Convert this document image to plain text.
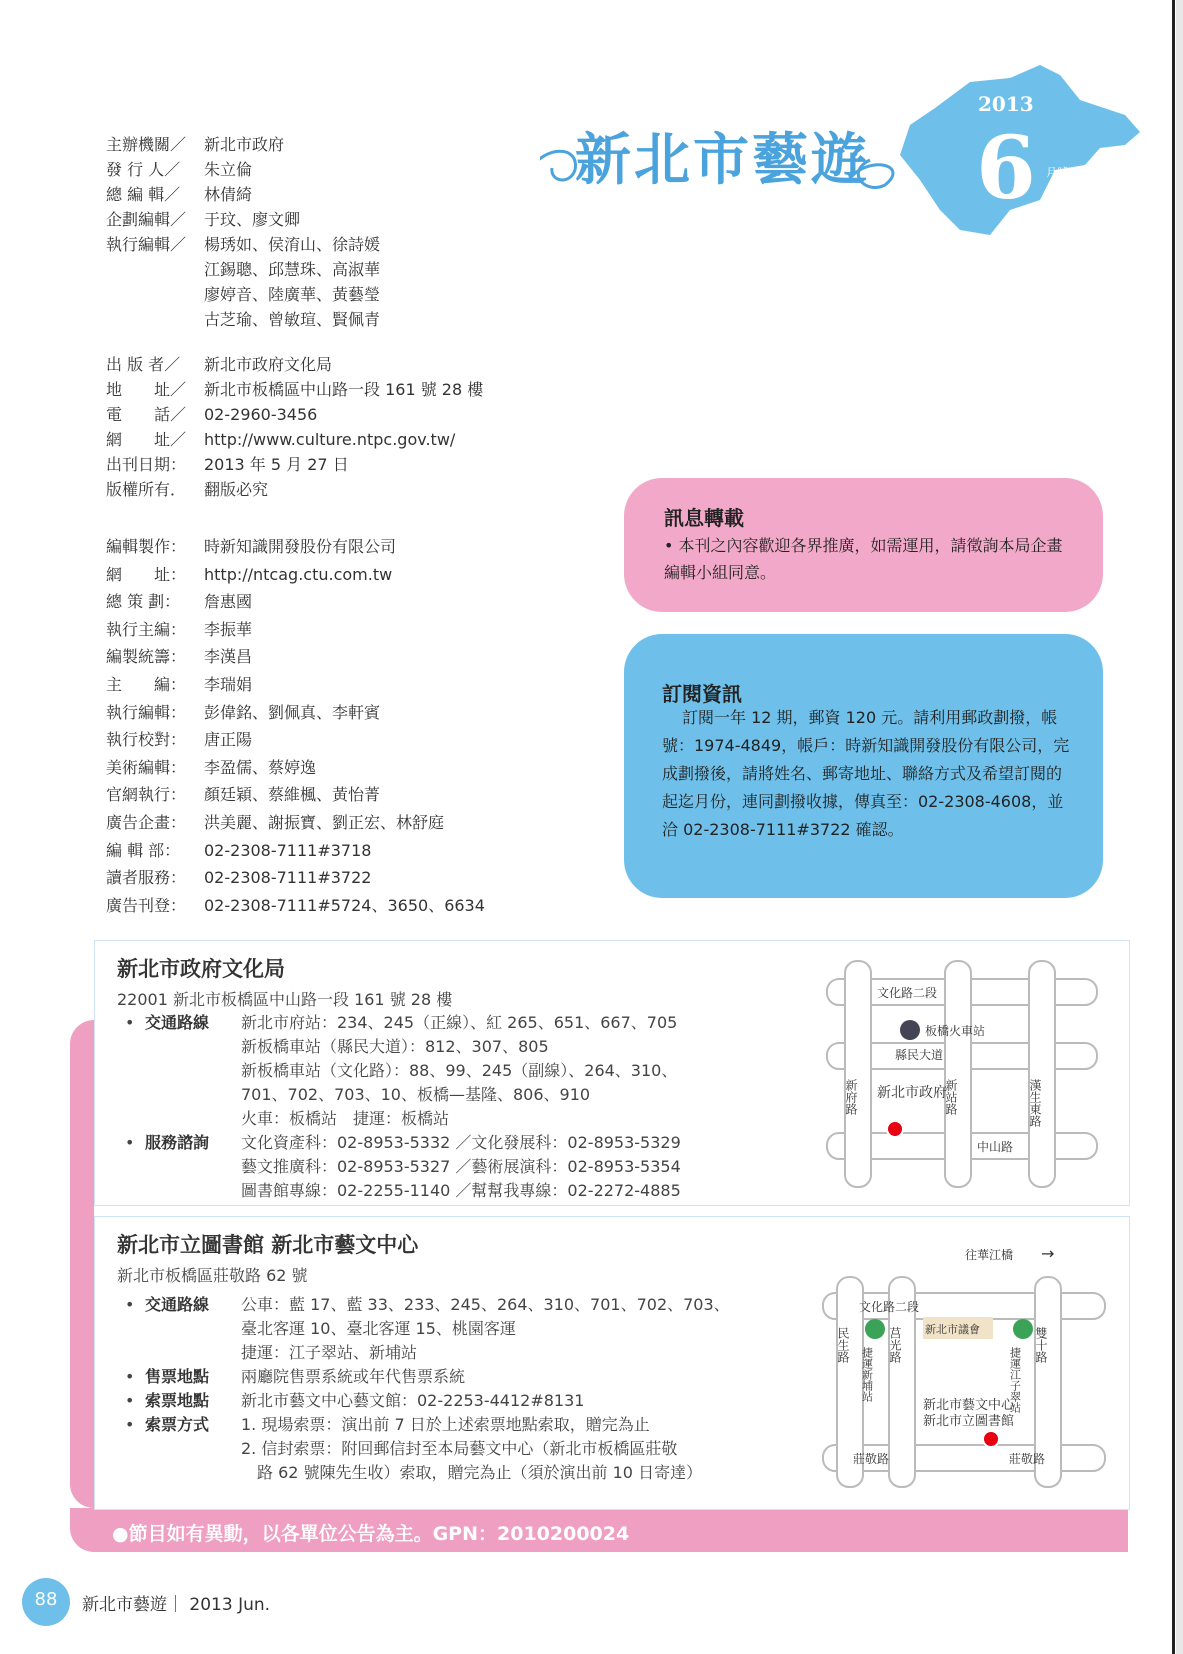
新北市藝遊
2013
6 月號
主辦機關／	新北市政府
發 行 人／	朱立倫
總 編 輯／	林倩綺
企劃編輯／	于玟、廖文卿
執行編輯／	楊琇如、侯淯山、徐詩媛
江錫聰、邱慧珠、高淑華
廖婷音、陸廣華、黃藝瑩
古芝瑜、曾敏瑄、賢佩青
出 版 者／	新北市政府文化局
地　　址／	新北市板橋區中山路一段 161 號 28 樓
電　　話／	02-2960-3456
網　　址／	http://www.culture.ntpc.gov.tw/
出刊日期：	2013 年 5 月 27 日
版權所有．	翻版必究
編輯製作：	時新知識開發股份有限公司
網　　址：	http://ntcag.ctu.com.tw
總 策 劃：	詹惠國
執行主編：	李振華
編製統籌：	李漢昌
主　　編：	李瑞娟
執行編輯：	彭偉銘、劉佩真、李軒賓
執行校對：	唐正陽
美術編輯：	李盈儒、蔡婷逸
官網執行：	顏廷穎、蔡維楓、黃怡菁
廣告企畫：	洪美麗、謝振寶、劉正宏、林舒庭
編 輯 部：	02-2308-7111#3718
讀者服務：	02-2308-7111#3722
廣告刊登：	02-2308-7111#5724、3650、6634
訊息轉載
• 本刊之內容歡迎各界推廣，如需運用，請徵詢本局企畫編輯小組同意。
訂閱資訊
訂閱一年 12 期，郵資 120 元。請利用郵政劃撥，帳號：1974-4849，帳戶：時新知識開發股份有限公司，完成劃撥後，請將姓名、郵寄地址、聯絡方式及希望訂閱的起迄月份，連同劃撥收據，傳真至：02-2308-4608，並洽 02-2308-7111#3722 確認。
●節目如有異動，以各單位公告為主。GPN：2010200024
新北市政府文化局
22001 新北市板橋區中山路一段 161 號 28 樓
• 交通路線	新北市府站：234、245（正線）、紅 265、651、667、705
新板橋車站（縣民大道）：812、307、805
新板橋車站（文化路）：88、99、245（副線）、264、310、
701、702、703、10、板橋—基隆、806、910
火車：板橋站　捷運：板橋站
• 服務諮詢	文化資產科：02-8953-5332 ／文化發展科：02-8953-5329
藝文推廣科：02-8953-5327 ／藝術展演科：02-8953-5354
圖書館專線：02-2255-1140 ／幫幫我專線：02-2272-4885
文化路二段
板橋火車站
縣民大道
新府路	新站路	漢生東路
新北市政府
中山路
新北市立圖書館 新北市藝文中心
新北市板橋區莊敬路 62 號
• 交通路線	公車：藍 17、藍 33、233、245、264、310、701、702、703、
臺北客運 10、臺北客運 15、桃園客運
捷運：江子翠站、新埔站
• 售票地點	兩廳院售票系統或年代售票系統
• 索票地點	新北市藝文中心藝文館：02-2253-4412#8131
• 索票方式	1. 現場索票：演出前 7 日於上述索票地點索取，贈完為止
2. 信封索票：附回郵信封至本局藝文中心（新北市板橋區莊敬
　路 62 號陳先生收）索取，贈完為止（須於演出前 10 日寄達）
往華江橋 →
文化路二段
民生路	莒光路	雙十路
新北市議會
捷運新埔站	捷運江子翠站
新北市藝文中心
新北市立圖書館
莊敬路	莊敬路
88	新北市藝遊｜ 2013 Jun.
